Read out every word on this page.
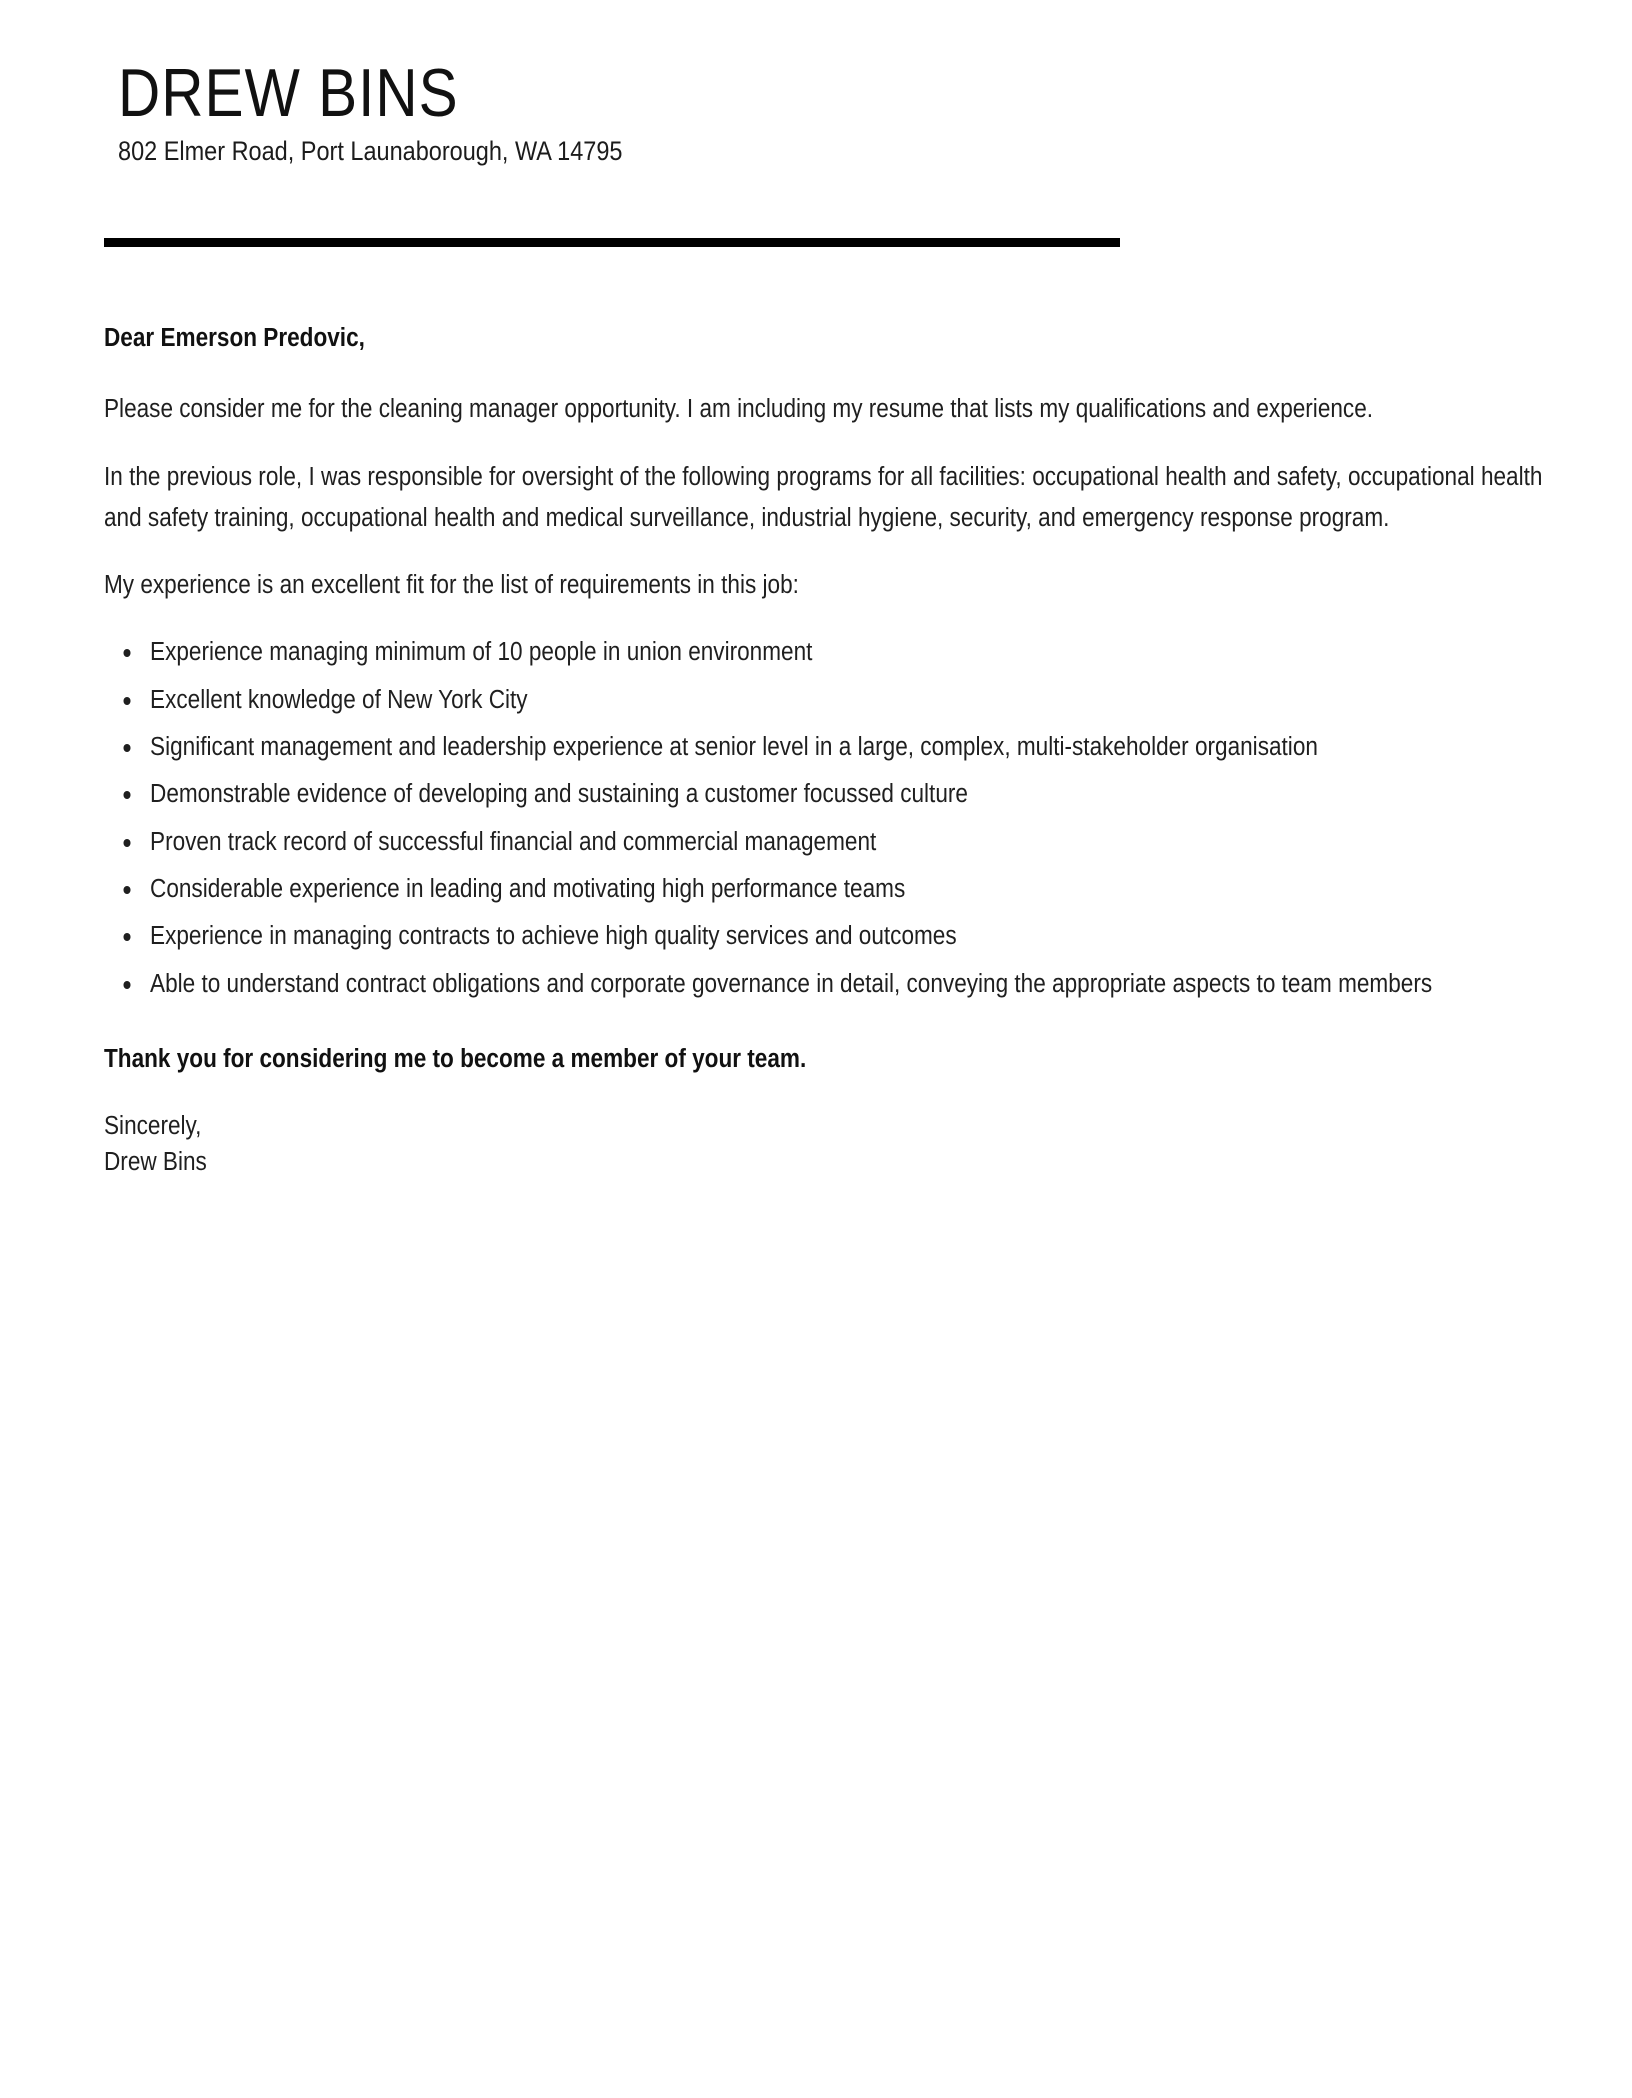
DREW BINS
802 Elmer Road, Port Launaborough, WA 14795

Dear Emerson Predovic,

Please consider me for the cleaning manager opportunity. I am including my resume that lists my qualifications and experience.

In the previous role, I was responsible for oversight of the following programs for all facilities: occupational health and safety, occupational health and safety training, occupational health and medical surveillance, industrial hygiene, security, and emergency response program.

My experience is an excellent fit for the list of requirements in this job:

Experience managing minimum of 10 people in union environment
Excellent knowledge of New York City
Significant management and leadership experience at senior level in a large, complex, multi-stakeholder organisation
Demonstrable evidence of developing and sustaining a customer focussed culture
Proven track record of successful financial and commercial management
Considerable experience in leading and motivating high performance teams
Experience in managing contracts to achieve high quality services and outcomes
Able to understand contract obligations and corporate governance in detail, conveying the appropriate aspects to team members

Thank you for considering me to become a member of your team.

Sincerely,
Drew Bins
